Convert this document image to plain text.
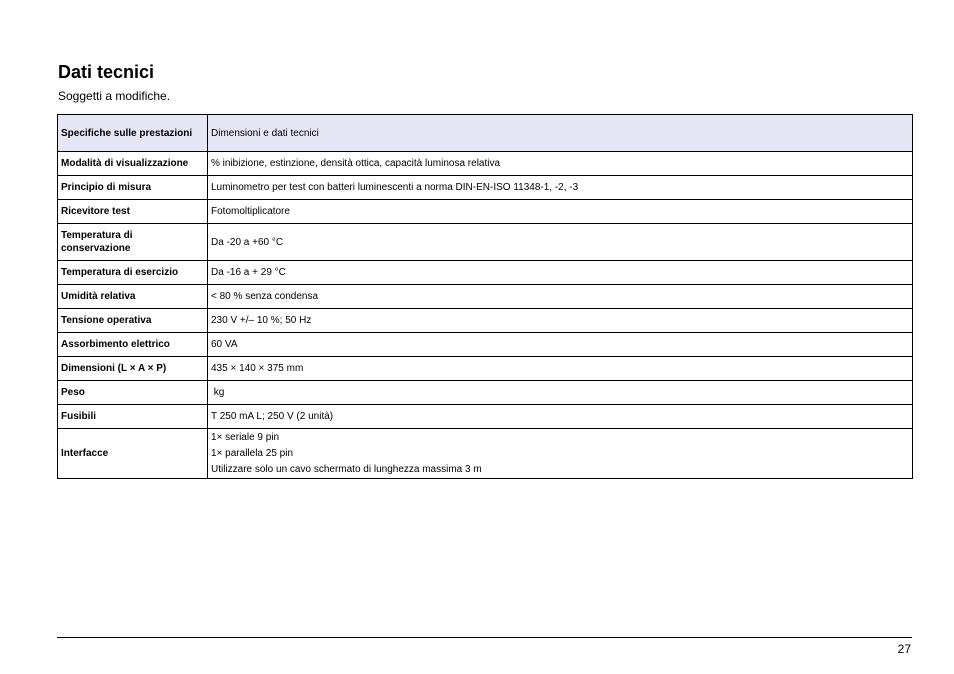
Dati tecnici

Soggetti a modifiche.

Specifiche sulle prestazioni	Dimensioni e dati tecnici
Modalità di visualizzazione	% inibizione, estinzione, densità ottica, capacità luminosa relativa
Principio di misura	Luminometro per test con batteri luminescenti a norma DIN-EN-ISO 11348-1, -2, -3
Ricevitore test	Fotomoltiplicatore
Temperatura di conservazione	Da -20 a +60 °C
Temperatura di esercizio	Da -16 a + 29 °C
Umidità relativa	< 80 % senza condensa
Tensione operativa	230 V +/– 10 %; 50 Hz
Assorbimento elettrico	60 VA
Dimensioni (L × A × P)	435 × 140 × 375 mm
Peso	kg
Fusibili	T 250 mA L; 250 V (2 unità)
Interfacce	1× seriale 9 pin
1× parallela 25 pin
Utilizzare solo un cavo schermato di lunghezza massima 3 m
27
